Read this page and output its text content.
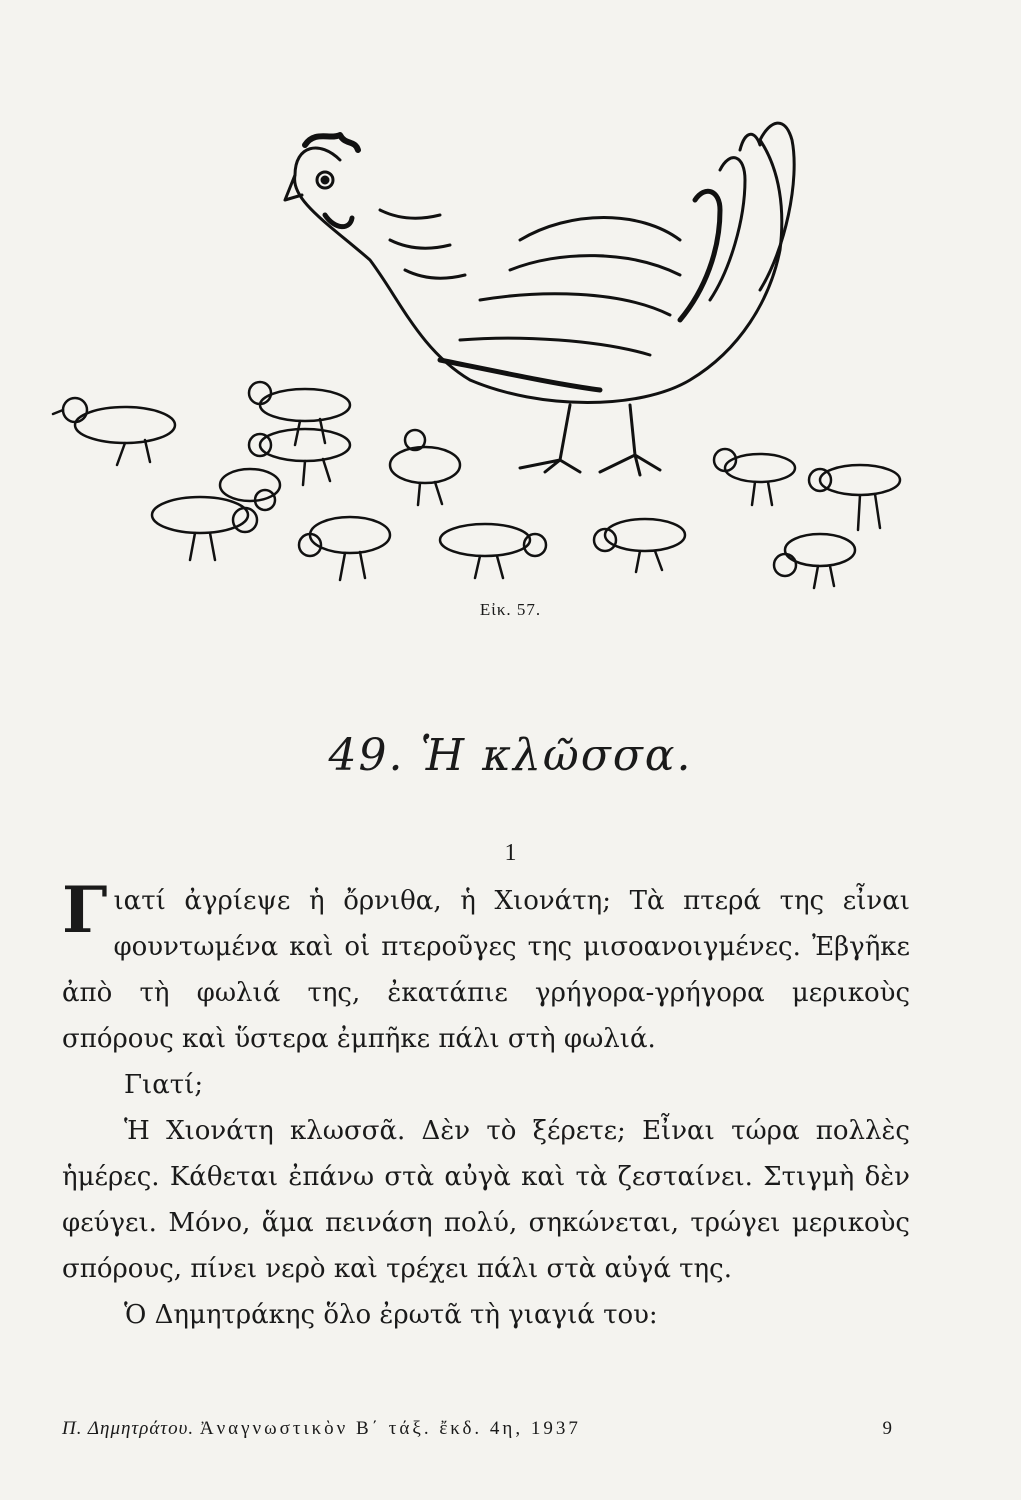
Εἰκ. 57.
49. Ἡ κλῶσσα.
1

Γιατί ἀγρίεψε ἡ ὄρνιθα, ἡ Χιονάτη; Τὰ πτερά της εἶναι φουντωμένα καὶ οἱ πτεροῦγες της μισοανοιγμένες. Ἐβγῆκε ἀπὸ τὴ φωλιά της, ἐκατάπιε γρήγορα-γρήγορα μερικοὺς σπόρους καὶ ὕστερα ἐμπῆκε πάλι στὴ φωλιά.

Γιατί;

Ἡ Χιονάτη κλωσσᾶ. Δὲν τὸ ξέρετε; Εἶναι τώρα πολλὲς ἡμέρες. Κάθεται ἐπάνω στὰ αὐγὰ καὶ τὰ ζεσταίνει. Στιγμὴ δὲν φεύγει. Μόνο, ἅμα πεινάση πολύ, σηκώνεται, τρώγει μερικοὺς σπόρους, πίνει νερὸ καὶ τρέχει πάλι στὰ αὐγά της.

Ὁ Δημητράκης ὅλο ἐρωτᾶ τὴ γιαγιά του:

Π. Δημητράτου. Ἀναγνωστικὸν Β΄ τάξ. ἔκδ. 4η, 1937	9
